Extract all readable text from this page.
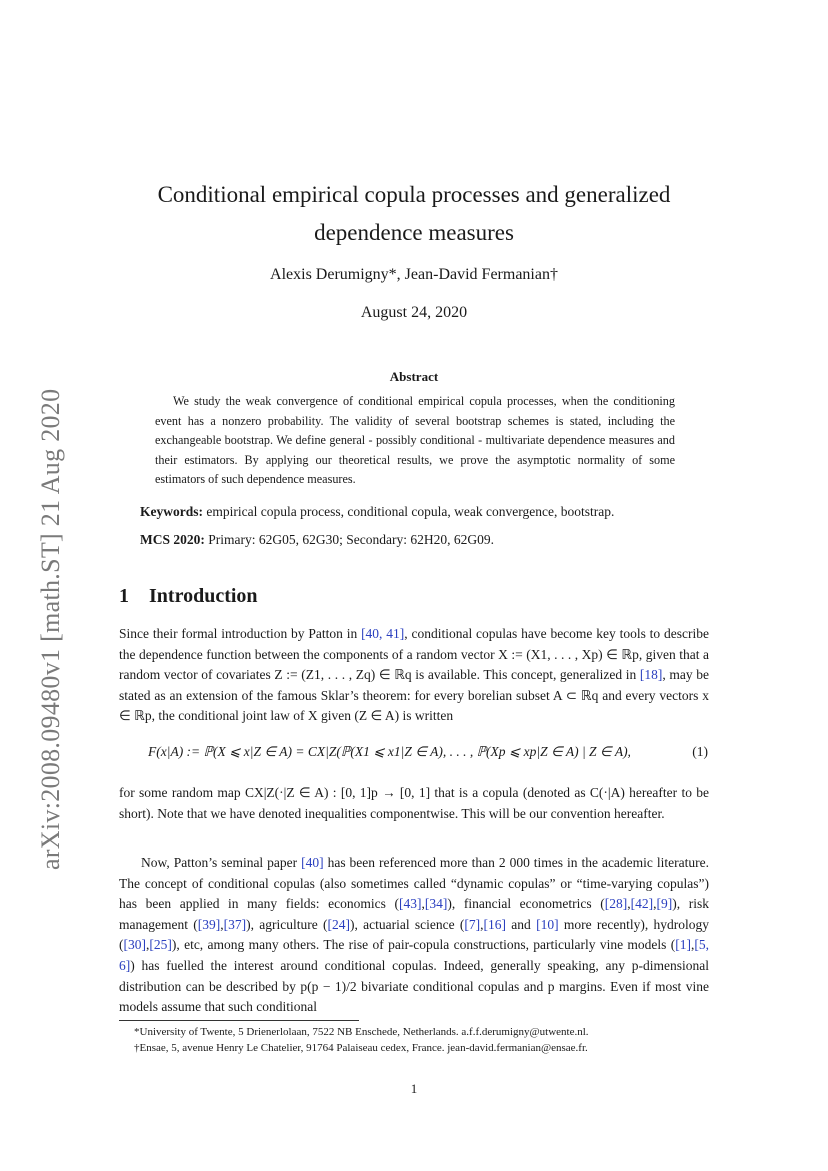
arXiv:2008.09480v1 [math.ST] 21 Aug 2020
Conditional empirical copula processes and generalized
dependence measures
Alexis Derumigny*, Jean-David Fermanian†
August 24, 2020
Abstract
We study the weak convergence of conditional empirical copula processes, when the conditioning event has a nonzero probability. The validity of several bootstrap schemes is stated, including the exchangeable bootstrap. We define general - possibly conditional - multivariate dependence measures and their estimators. By applying our theoretical results, we prove the asymptotic normality of some estimators of such dependence measures.
Keywords: empirical copula process, conditional copula, weak convergence, bootstrap.
MCS 2020: Primary: 62G05, 62G30; Secondary: 62H20, 62G09.
1 Introduction
Since their formal introduction by Patton in [40, 41], conditional copulas have become key tools to describe the dependence function between the components of a random vector X := (X1, . . . , Xp) ∈ ℝp, given that a random vector of covariates Z := (Z1, . . . , Zq) ∈ ℝq is available. This concept, generalized in [18], may be stated as an extension of the famous Sklar’s theorem: for every borelian subset A ⊂ ℝq and every vectors x ∈ ℝp, the conditional joint law of X given (Z ∈ A) is written
F(x|A) := ℙ(X ⩽ x|Z ∈ A) = CX|Z(ℙ(X1 ⩽ x1|Z ∈ A), . . . , ℙ(Xp ⩽ xp|Z ∈ A) | Z ∈ A),	(1)
for some random map CX|Z(·|Z ∈ A) : [0, 1]p → [0, 1] that is a copula (denoted as C(·|A) hereafter to be short). Note that we have denoted inequalities componentwise. This will be our convention hereafter.
Now, Patton’s seminal paper [40] has been referenced more than 2 000 times in the academic literature. The concept of conditional copulas (also sometimes called “dynamic copulas” or “time-varying copulas”) has been applied in many fields: economics ([43],[34]), financial econometrics ([28],[42],[9]), risk management ([39],[37]), agriculture ([24]), actuarial science ([7],[16] and [10] more recently), hydrology ([30],[25]), etc, among many others. The rise of pair-copula constructions, particularly vine models ([1],[5, 6]) has fuelled the interest around conditional copulas. Indeed, generally speaking, any p-dimensional distribution can be described by p(p − 1)/2 bivariate conditional copulas and p margins. Even if most vine models assume that such conditional
*University of Twente, 5 Drienerlolaan, 7522 NB Enschede, Netherlands. a.f.f.derumigny@utwente.nl.
†Ensae, 5, avenue Henry Le Chatelier, 91764 Palaiseau cedex, France. jean-david.fermanian@ensae.fr.
1
